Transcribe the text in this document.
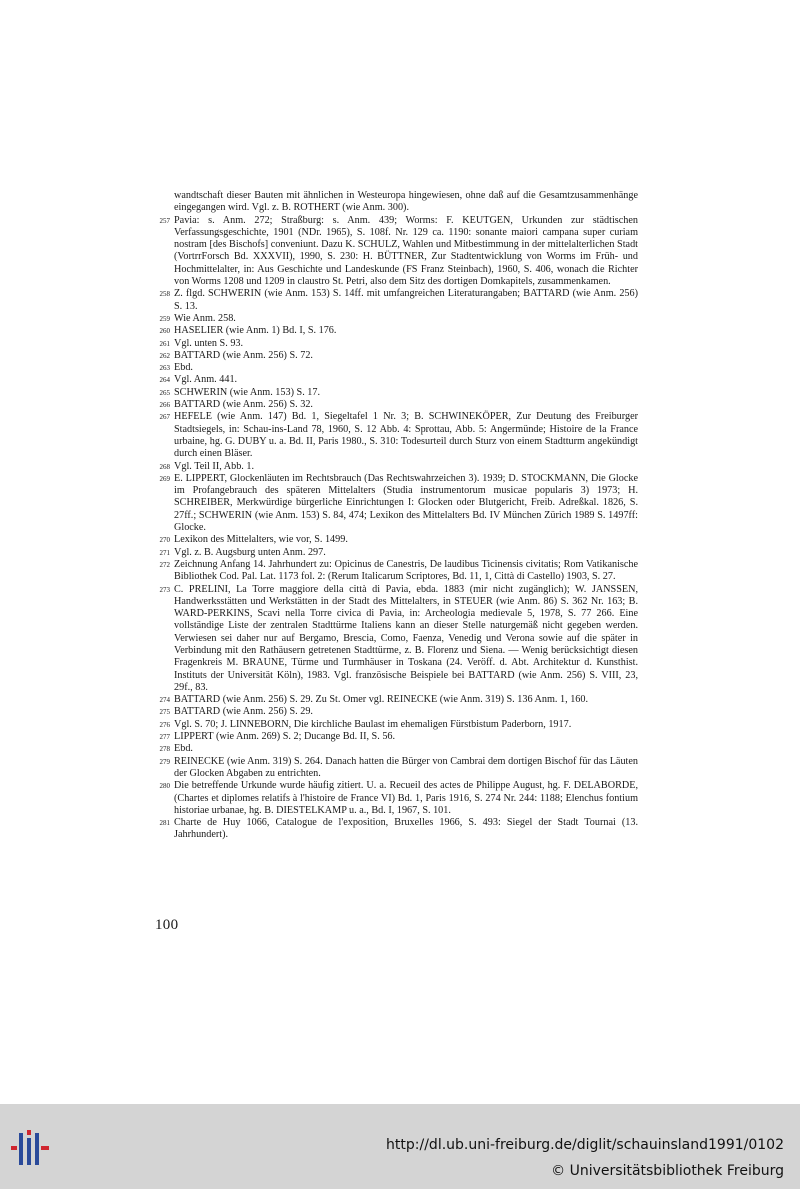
wandtschaft dieser Bauten mit ähnlichen in Westeuropa hingewiesen, ohne daß auf die Gesamtzusammenhänge eingegangen wird. Vgl. z. B. ROTHERT (wie Anm. 300).

257 Pavia: s. Anm. 272; Straßburg: s. Anm. 439; Worms: F. KEUTGEN, Urkunden zur städtischen Verfassungsgeschichte, 1901 (NDr. 1965), S. 108f. Nr. 129 ca. 1190: sonante maiori campana super curiam nostram [des Bischofs] conveniunt. Dazu K. SCHULZ, Wahlen und Mitbestimmung in der mittelalterlichen Stadt (VortrrForsch Bd. XXXVII), 1990, S. 230: H. BÜTTNER, Zur Stadtentwicklung von Worms im Früh- und Hochmittelalter, in: Aus Geschichte und Landeskunde (FS Franz Steinbach), 1960, S. 406, wonach die Richter von Worms 1208 und 1209 in claustro St. Petri, also dem Sitz des dortigen Domkapitels, zusammenkamen.

258 Z. flgd. SCHWERIN (wie Anm. 153) S. 14ff. mit umfangreichen Literaturangaben; BATTARD (wie Anm. 256) S. 13.

259 Wie Anm. 258.

260 HASELIER (wie Anm. 1) Bd. I, S. 176.

261 Vgl. unten S. 93.

262 BATTARD (wie Anm. 256) S. 72.

263 Ebd.

264 Vgl. Anm. 441.

265 SCHWERIN (wie Anm. 153) S. 17.

266 BATTARD (wie Anm. 256) S. 32.

267 HEFELE (wie Anm. 147) Bd. 1, Siegeltafel 1 Nr. 3; B. SCHWINEKÖPER, Zur Deutung des Freiburger Stadtsiegels, in: Schau-ins-Land 78, 1960, S. 12 Abb. 4: Sprottau, Abb. 5: Angermünde; Histoire de la France urbaine, hg. G. DUBY u. a. Bd. II, Paris 1980., S. 310: Todesurteil durch Sturz von einem Stadtturm angekündigt durch einen Bläser.

268 Vgl. Teil II, Abb. 1.

269 E. LIPPERT, Glockenläuten im Rechtsbrauch (Das Rechtswahrzeichen 3). 1939; D. STOCKMANN, Die Glocke im Profangebrauch des späteren Mittelalters (Studia instrumentorum musicae popularis 3) 1973; H. SCHREIBER, Merkwürdige bürgerliche Einrichtungen I: Glocken oder Blutgericht, Freib. Adreßkal. 1826, S. 27ff.; SCHWERIN (wie Anm. 153) S. 84, 474; Lexikon des Mittelalters Bd. IV München Zürich 1989 S. 1497ff: Glocke.

270 Lexikon des Mittelalters, wie vor, S. 1499.

271 Vgl. z. B. Augsburg unten Anm. 297.

272 Zeichnung Anfang 14. Jahrhundert zu: Opicinus de Canestris, De laudibus Ticinensis civitatis; Rom Vatikanische Bibliothek Cod. Pal. Lat. 1173 fol. 2: (Rerum Italicarum Scriptores, Bd. 11, 1, Città di Castello) 1903, S. 27.

273 C. PRELINI, La Torre maggiore della città di Pavia, ebda. 1883 (mir nicht zugänglich); W. JANSSEN, Handwerksstätten und Werkstätten in der Stadt des Mittelalters, in STEUER (wie Anm. 86) S. 362 Nr. 163; B. WARD-PERKINS, Scavi nella Torre civica di Pavia, in: Archeologia medievale 5, 1978, S. 77 266. Eine vollständige Liste der zentralen Stadttürme Italiens kann an dieser Stelle naturgemäß nicht gegeben werden. Verwiesen sei daher nur auf Bergamo, Brescia, Como, Faenza, Venedig und Verona sowie auf die später in Verbindung mit den Rathäusern getretenen Stadttürme, z. B. Florenz und Siena. — Wenig berücksichtigt diesen Fragenkreis M. BRAUNE, Türme und Turmhäuser in Toskana (24. Veröff. d. Abt. Architektur d. Kunsthist. Instituts der Universität Köln), 1983. Vgl. französische Beispiele bei BATTARD (wie Anm. 256) S. VIII, 23, 29f., 83.

274 BATTARD (wie Anm. 256) S. 29. Zu St. Omer vgl. REINECKE (wie Anm. 319) S. 136 Anm. 1, 160.

275 BATTARD (wie Anm. 256) S. 29.

276 Vgl. S. 70; J. LINNEBORN, Die kirchliche Baulast im ehemaligen Fürstbistum Paderborn, 1917.

277 LIPPERT (wie Anm. 269) S. 2; Ducange Bd. II, S. 56.

278 Ebd.

279 REINECKE (wie Anm. 319) S. 264. Danach hatten die Bürger von Cambrai dem dortigen Bischof für das Läuten der Glocken Abgaben zu entrichten.

280 Die betreffende Urkunde wurde häufig zitiert. U. a. Recueil des actes de Philippe August, hg. F. DELABORDE, (Chartes et diplomes relatifs à l'histoire de France VI) Bd. 1, Paris 1916, S. 274 Nr. 244: 1188; Elenchus fontium historiae urbanae, hg. B. DIESTELKAMP u. a., Bd. I, 1967, S. 101.

281 Charte de Huy 1066, Catalogue de l'exposition, Bruxelles 1966, S. 493: Siegel der Stadt Tournai (13. Jahrhundert).

100
http://dl.ub.uni-freiburg.de/diglit/schauinsland1991/0102
© Universitätsbibliothek Freiburg
